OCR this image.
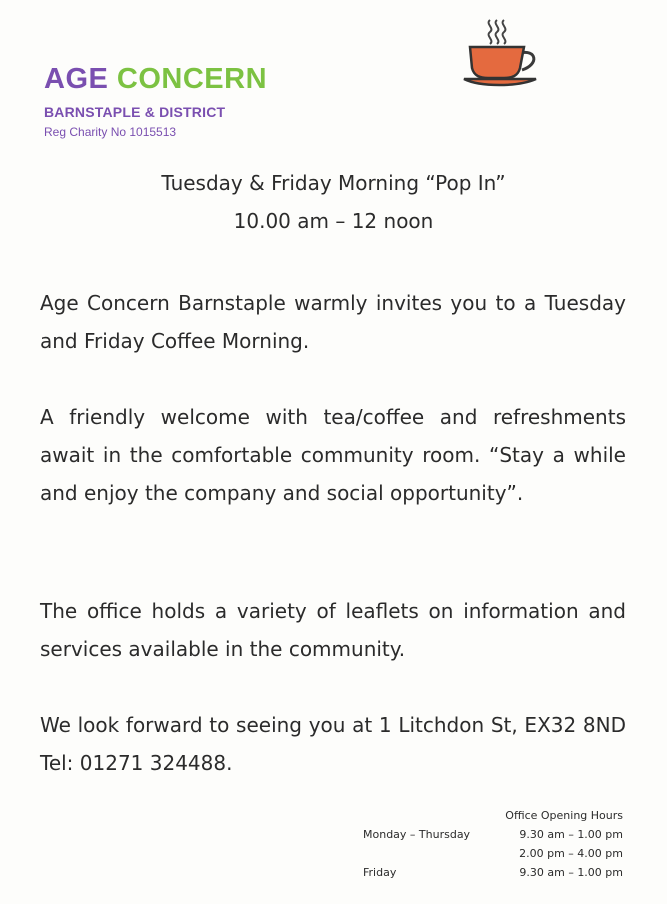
AGE CONCERN
BARNSTAPLE & DISTRICT
Reg Charity No 1015513
Tuesday & Friday Morning “Pop In”
10.00 am – 12 noon
Age Concern Barnstaple warmly invites you to a Tuesday and Friday Coffee Morning.
A friendly welcome with tea/coffee and refreshments await in the comfortable community room. “Stay a while and enjoy the company and social opportunity”.
The office holds a variety of leaflets on information and services available in the community.
We look forward to seeing you at 1 Litchdon St, EX32 8ND Tel: 01271 324488.
Office Opening Hours
Monday – Thursday	9.30 am – 1.00 pm
2.00 pm – 4.00 pm
Friday	9.30 am – 1.00 pm
